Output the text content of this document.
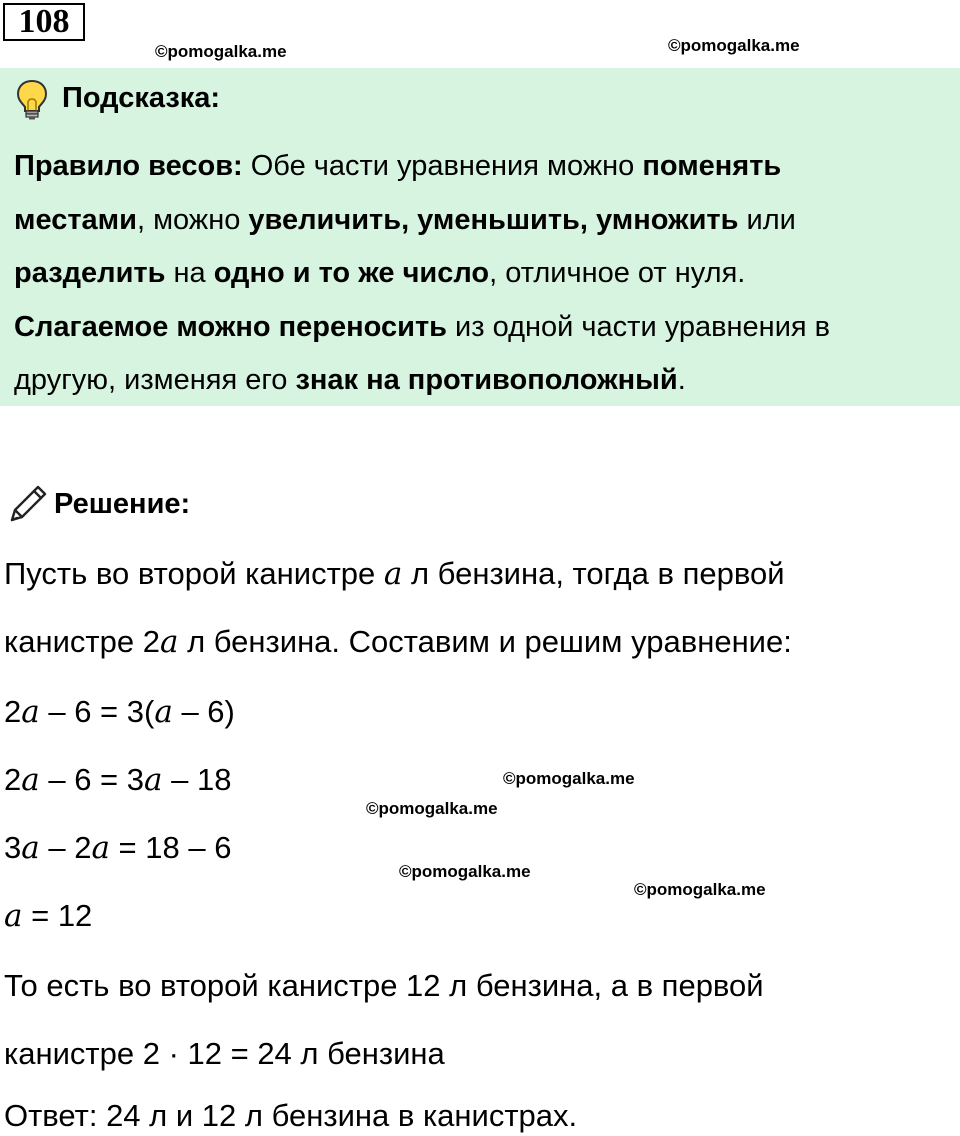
108
©pomogalka.me	©pomogalka.me
Подсказка:
Правило весов: Обе части уравнения можно поменять
местами, можно увеличить, уменьшить, умножить или
разделить на одно и то же число, отличное от нуля.
Слагаемое можно переносить из одной части уравнения в
другую, изменяя его знак на противоположный.
Решение:
Пусть во второй канистре a л бензина, тогда в первой
канистре 2a л бензина. Составим и решим уравнение:
2a – 6 = 3(a – 6)
2a – 6 = 3a – 18
3a – 2a = 18 – 6
a = 12
То есть во второй канистре 12 л бензина, а в первой
канистре 2 · 12 = 24 л бензина
Ответ: 24 л и 12 л бензина в канистрах.
©pomogalka.me
©pomogalka.me
©pomogalka.me
©pomogalka.me
